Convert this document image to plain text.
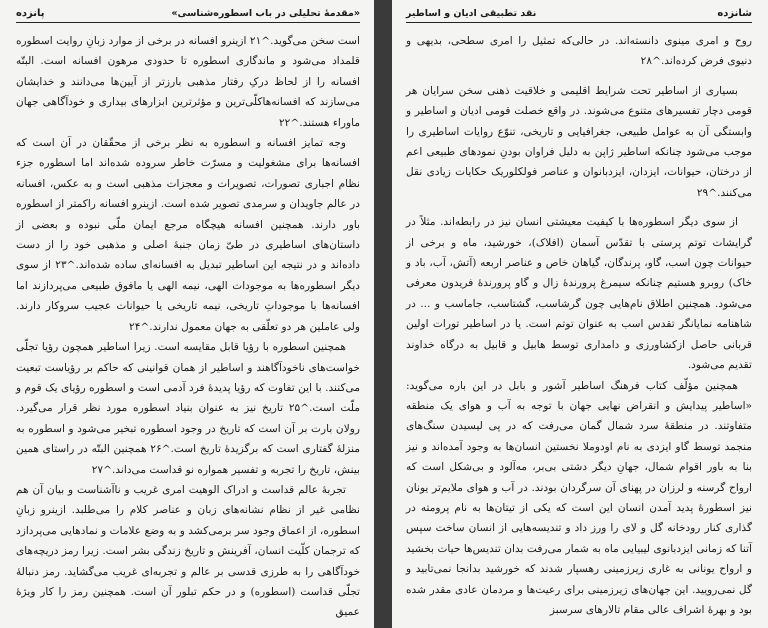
«مقدمهٔ تحلیلی در باب اسطوره‌شناسی»
پانزده

است سخن می‌گوید.^۲۱ ازینرو افسانه در برخی از موارد زبانِ روایت اسطوره قلمداد می‌شود و ماندگاری اسطوره تا حدودی مرهون افسانه است. البتّه افسانه را از لحاظ درکِ رفتار مذهبی بارزتر از آیین‌ها می‌دانند و خدایشان می‌سازند که افسانه‌هاکلّی‌ترین و مؤثرترین ابزارهای بیداری و خودآگاهی جهان ماوراء هستند.^۲۲

وجه تمایز افسانه و اسطوره به نظر برخی از محقّقان در آن است که افسانه‌ها برای مشغولیت و مسرّت خاطر سروده شده‌اند اما اسطوره جزء نظام اجباری تصورات، تصویرات و معجزات مذهبی است و به عکس، افسانه در عالم جاویدان و سرمدی تصویر شده است. ازینرو افسانه راکمتر از اسطوره باور دارند. همچنین افسانه هیچگاه مرجع ایمان ملّی نبوده و بعضی از داستان‌های اساطیری در طیّ زمان جنبهٔ اصلی و مذهبی خود را از دست داده‌اند و در نتیجه این اساطیر تبدیل به افسانه‌ای ساده شده‌اند.^۲۳ از سوی دیگر اسطوره‌ها به موجودات الهی، نیمه الهی یا مافوق طبیعی می‌پردازند اما افسانه‌ها با موجوداتِ تاریخی، نیمه تاریخی یا حیوانات عجیب سروکار دارند. ولی عاملین هر دو تعلّقی به جهان معمول ندارند.^۲۴

همچنین اسطوره با رؤیا قابل مقایسه است. زیرا اساطیر همچون رؤیا تجلّی خواست‌های ناخودآگاهند و اساطیر از همان قوانینی که حاکم بر رؤیاست تبعیت می‌کنند. با این تفاوت که رؤیا پدیدهٔ فرد آدمی است و اسطوره رؤیای یک قوم و ملّت است.^۲۵ تاریخ نیز به عنوان بنیاد اسطوره مورد نظر قرار می‌گیرد. رولان بارت بر آن است که تاریخ در وجود اسطوره تبخیر می‌شود و اسطوره به منزلهٔ گفتاری است که برگزیدهٔ تاریخ است.^۲۶ همچنین البتّه در راستای همین بینش، تاریخ را تجربه و تفسیر همواره نو قداست می‌داند.^۲۷

تجربهٔ عالم قداست و ادراک الوهیت امری غریب و ناآشناست و بیان آن هم نظامی غیر از نظام نشانه‌های زبان و عناصر کلام را می‌طلبد. ازینرو زبانِ اسطوره، از اعماق وجود سر برمی‌کشد و به وضع علامات و نمادهایی می‌پردازد که ترجمان کلّیت انسان، آفرینش و تاریخ زندگی بشر است. زیرا رمز دریچه‌های خودآگاهی را به طرزی قدسی بر عالم و تجربه‌ای غریب می‌گشاید. رمز دنبالهٔ تجلّی قداست (اسطوره) و در حکم تبلور آن است. همچنین رمز را کار ویژهٔ عمیق

شانزده
نقد تطبیقی ادیان و اساطیر

روح و امری مینوی دانسته‌اند. در حالی‌که تمثیل را امری سطحی، بدیهی و دنیوی فرض کرده‌اند.^۲۸

بسیاری از اساطیر تحت شرایط اقلیمی و خلاقیت ذهنی سخن سرایان هر قومی دچار تفسیرهای متنوع می‌شوند. در واقع خصلت قومی ادیان و اساطیر و وابستگی آن به عوامل طبیعی، جغرافیایی و تاریخی، تنوّع روایات اساطیری را موجب می‌شود چنانکه اساطیر ژاپن به دلیل فراوان بودنِ نمودهای طبیعی اعم از درختان، حیوانات، ایزدان، ایزدبانوان و عناصر فولکلوریک حکایات زیادی نقل می‌کنند.^۲۹

از سوی دیگر اسطوره‌ها با کیفیت معیشتی انسان نیز در رابطه‌اند. مثلاً در گرایشات توتم پرستی با تقدّس آسمان (افلاک)، خورشید، ماه و برخی از حیوانات چون اسب، گاو، پرندگان، گیاهان خاص و عناصر اربعه (آتش، آب، باد و خاک) روبرو هستیم چنانکه سیمرغ پرورندهٔ زال و گاو پرورندهٔ فریدون معرفی می‌شود. همچنین اطلاق نام‌هایی چون گرشاسب، گشتاسب، جاماسب و ... در شاهنامه نمایانگر تقدس اسب به عنوان توتم است. یا در اساطیر تورات اولین قربانی حاصل ازکشاورزی و دامداری توسط هابیل و قابیل به درگاه خداوند تقدیم می‌شود.

همچنین مؤلّف کتاب فرهنگ اساطیر آشور و بابل در این باره می‌گوید: «اساطیر پیدایش و انقراض نهایی جهان با توجه به آب و هوای یک منطقه متفاوتند. در منطقهٔ سرد شمال گمان می‌رفت که در پی لیسیدن سنگ‌های منجمد توسط گاو ایزدی به نام اودوملا نخستین انسان‌ها به وجود آمده‌اند و نیز بنا به باور اقوام شمال، جهانِ دیگر دشتی بی‌بر، مه‌آلود و بی‌شکل است که ارواح گرسنه و لرزان در پهنای آن سرگردان بودند. در آب و هوای ملایم‌تر یونان نیز اسطورهٔ پدید آمدن انسان این است که یکی از تیتان‌ها به نام پرومته در گذاری کنار رودخانه گل و لای را ورز داد و تندیسه‌هایی از انسان ساخت سپس آتنا که زمانی ایزدبانوی لیبیایی ماه به شمار می‌رفت بدان تندیس‌ها حیات بخشید و ارواح یونانی به غاری زیرزمینی رهسپار شدند که خورشید بدانجا نمی‌تابید و گل نمی‌رویید. این جهان‌های زیرزمینی برای رعیت‌ها و مردمان عادی مقدر شده بود و بهرهٔ اشراف عالی مقام تالارهای سرسبز
